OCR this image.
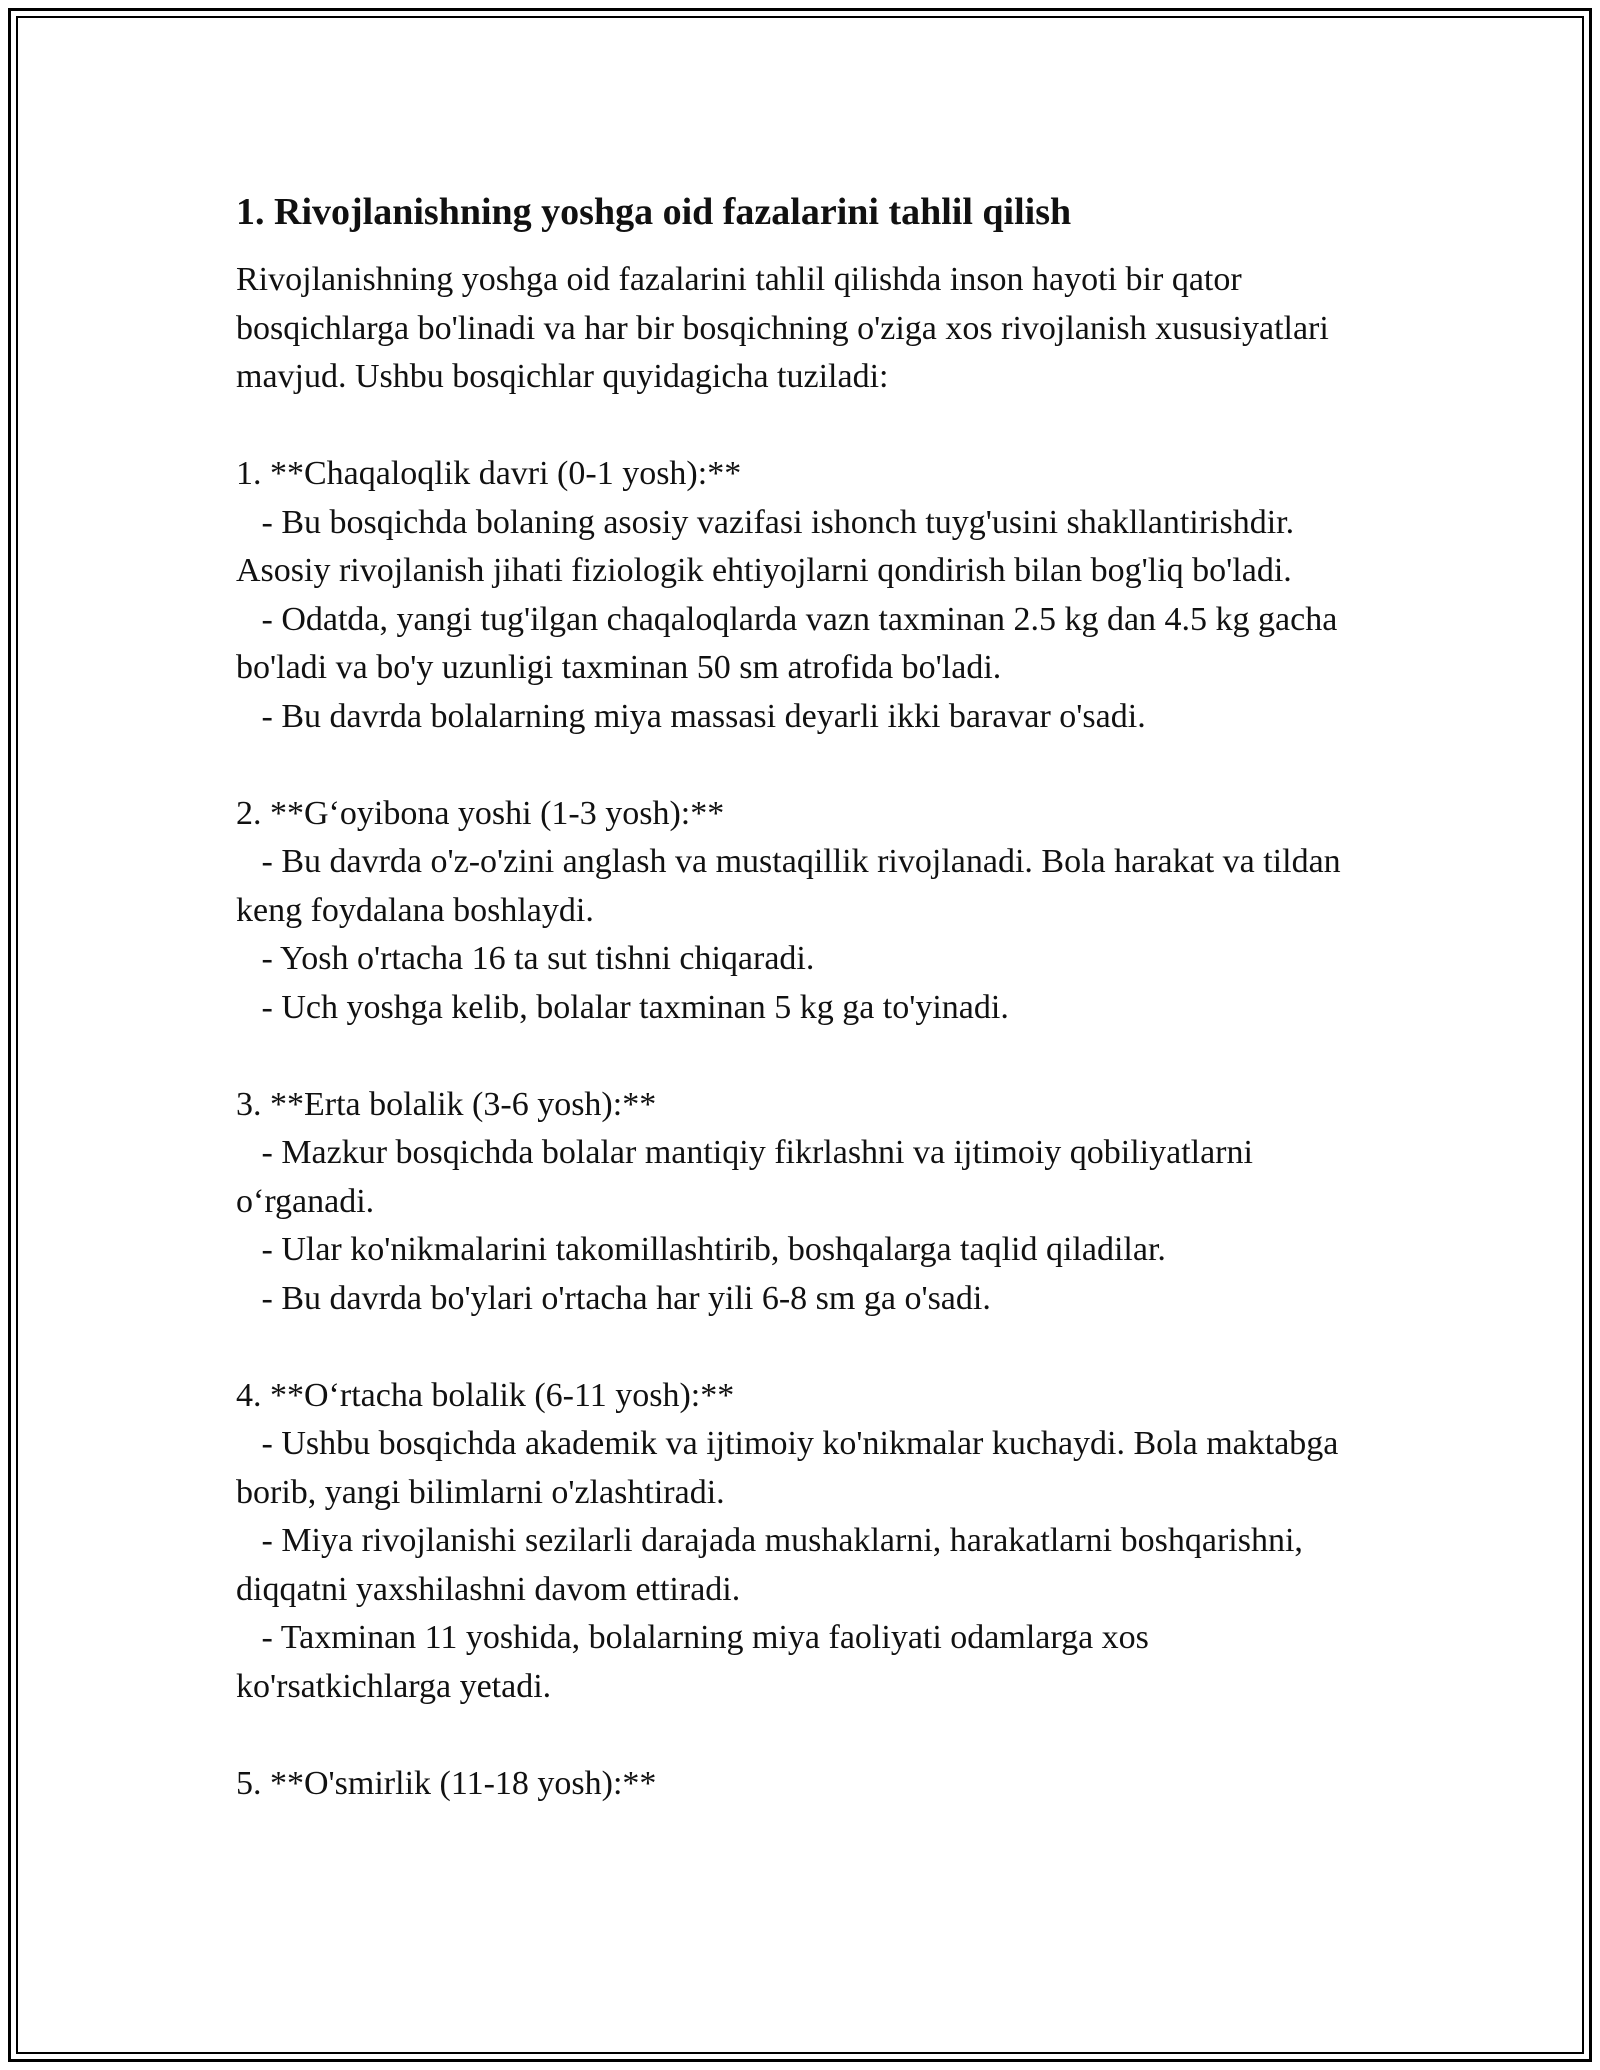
1. Rivojlanishning yoshga oid fazalarini tahlil qilish

Rivojlanishning yoshga oid fazalarini tahlil qilishda inson hayoti bir qator bosqichlarga bo'linadi va har bir bosqichning o'ziga xos rivojlanish xususiyatlari mavjud. Ushbu bosqichlar quyidagicha tuziladi:

1. **Chaqaloqlik davri (0-1 yosh):**
- Bu bosqichda bolaning asosiy vazifasi ishonch tuyg'usini shakllantirishdir. Asosiy rivojlanish jihati fiziologik ehtiyojlarni qondirish bilan bog'liq bo'ladi.
- Odatda, yangi tug'ilgan chaqaloqlarda vazn taxminan 2.5 kg dan 4.5 kg gacha bo'ladi va bo'y uzunligi taxminan 50 sm atrofida bo'ladi.
- Bu davrda bolalarning miya massasi deyarli ikki baravar o'sadi.

2. **G‘oyibona yoshi (1-3 yosh):**
- Bu davrda o'z-o'zini anglash va mustaqillik rivojlanadi. Bola harakat va tildan keng foydalana boshlaydi.
- Yosh o'rtacha 16 ta sut tishni chiqaradi.
- Uch yoshga kelib, bolalar taxminan 5 kg ga to'yinadi.

3. **Erta bolalik (3-6 yosh):**
- Mazkur bosqichda bolalar mantiqiy fikrlashni va ijtimoiy qobiliyatlarni o‘rganadi.
- Ular ko'nikmalarini takomillashtirib, boshqalarga taqlid qiladilar.
- Bu davrda bo'ylari o'rtacha har yili 6-8 sm ga o'sadi.

4. **O‘rtacha bolalik (6-11 yosh):**
- Ushbu bosqichda akademik va ijtimoiy ko'nikmalar kuchaydi. Bola maktabga borib, yangi bilimlarni o'zlashtiradi.
- Miya rivojlanishi sezilarli darajada mushaklarni, harakatlarni boshqarishni, diqqatni yaxshilashni davom ettiradi.
- Taxminan 11 yoshida, bolalarning miya faoliyati odamlarga xos ko'rsatkichlarga yetadi.

5. **O'smirlik (11-18 yosh):**
